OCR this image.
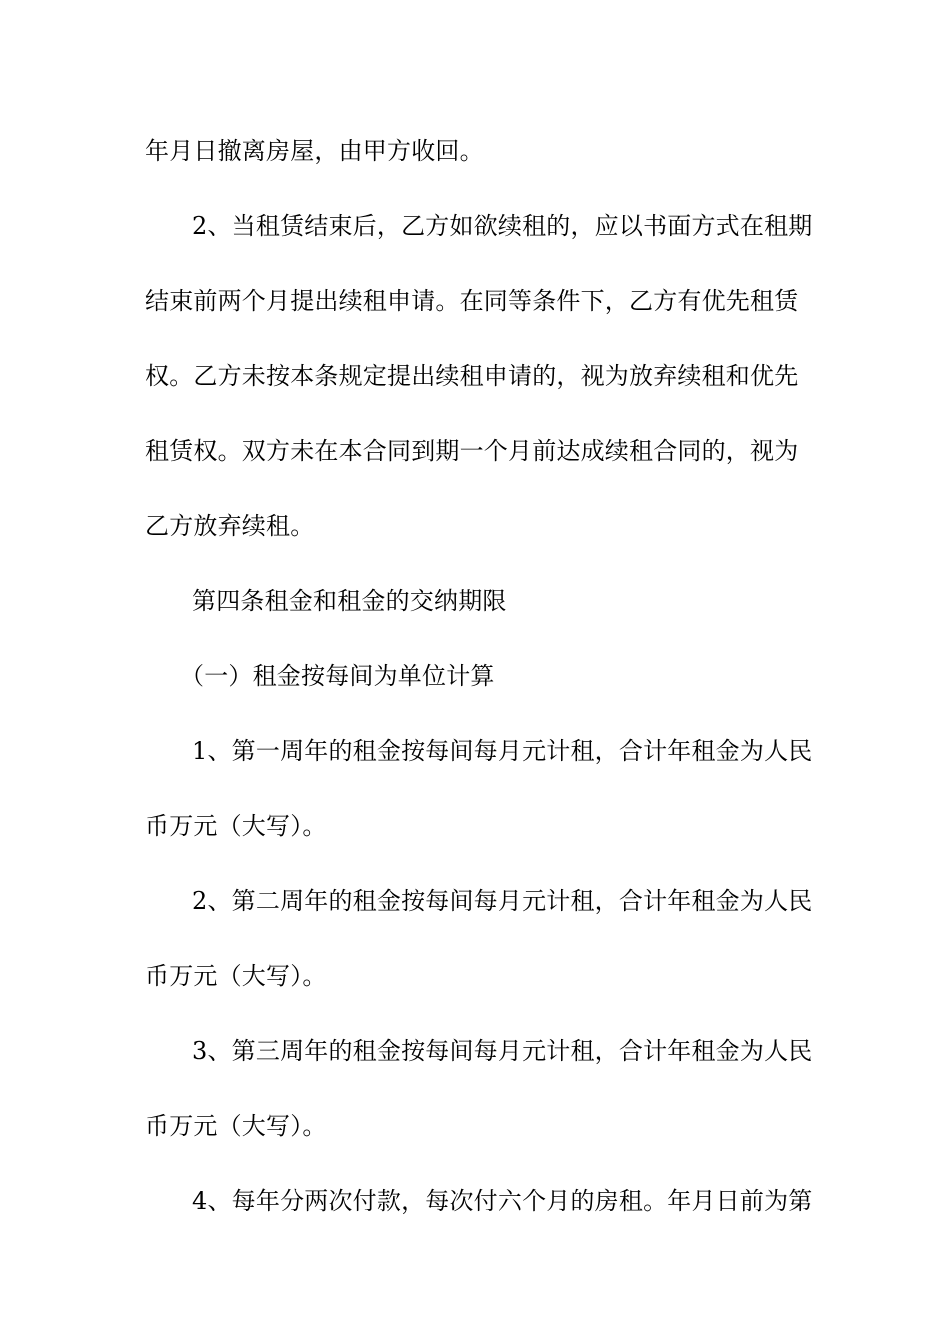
年月日撤离房屋，由甲方收回。
2、当租赁结束后，乙方如欲续租的，应以书面方式在租期
结束前两个月提出续租申请。在同等条件下，乙方有优先租赁
权。乙方未按本条规定提出续租申请的，视为放弃续租和优先
租赁权。双方未在本合同到期一个月前达成续租合同的，视为
乙方放弃续租。
第四条租金和租金的交纳期限
（一）租金按每间为单位计算
1、第一周年的租金按每间每月元计租，合计年租金为人民
币万元（大写）。
2、第二周年的租金按每间每月元计租，合计年租金为人民
币万元（大写）。
3、第三周年的租金按每间每月元计租，合计年租金为人民
币万元（大写）。
4、每年分两次付款，每次付六个月的房租。年月日前为第
